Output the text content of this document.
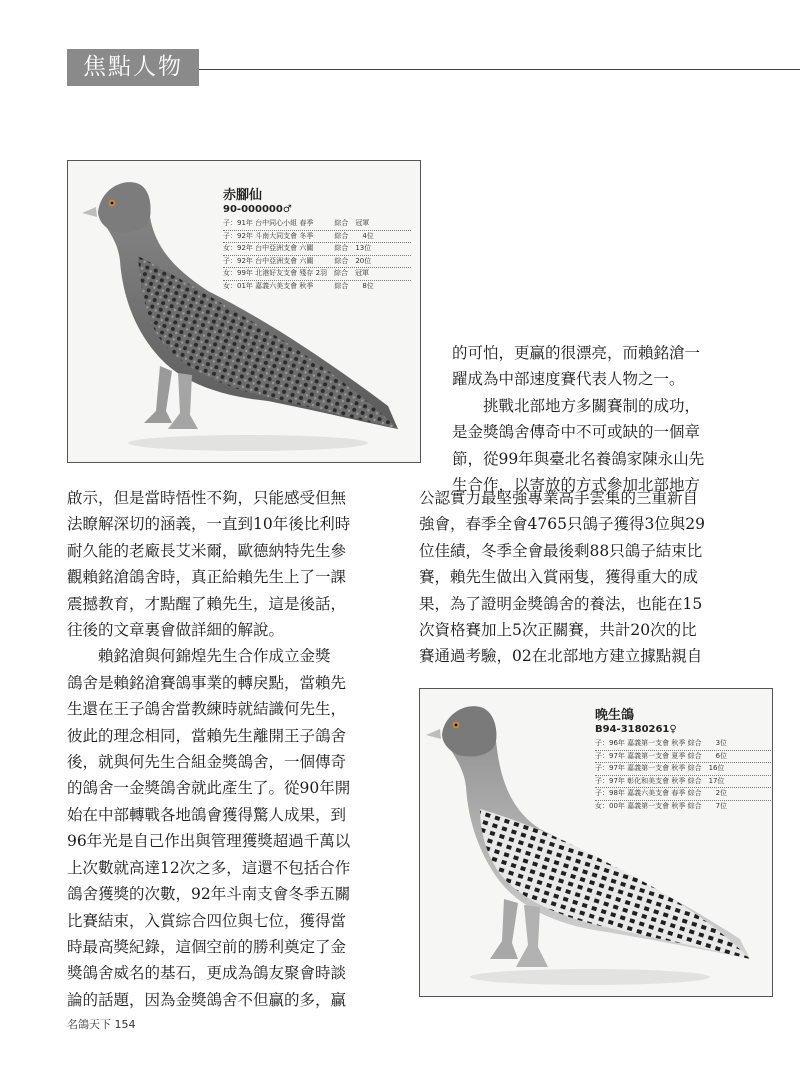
焦點人物
赤腳仙
90-000000♂
子：91年 台中同心小組 春季　　　綜合　冠軍
子：92年 斗南大同支會 冬季　　　綜合　　4位
女：92年 台中亞洲支會 六關　　　綜合　13位
子：92年 台中亞洲支會 六關　　　綜合　20位
女：99年 北港好友支會 殘存 2羽　綜合　冠軍
女：01年 嘉義六美支會 秋季　　　綜合　　8位

的可怕，更贏的很漂亮，而賴銘滄一

躍成為中部速度賽代表人物之一。

　　挑戰北部地方多關賽制的成功，

是金獎鴿舍傳奇中不可或缺的一個章

節，從99年與臺北名養鴿家陳永山先

生合作，以寄放的方式參加北部地方

啟示，但是當時悟性不夠，只能感受但無

法瞭解深切的涵義，一直到10年後比利時

耐久能的老廠長艾米爾，歐德納特先生參

觀賴銘滄鴿舍時，真正給賴先生上了一課

震撼教育，才點醒了賴先生，這是後話，

往後的文章裏會做詳細的解說。

　　賴銘滄與何錦煌先生合作成立金獎

鴿舍是賴銘滄賽鴿事業的轉戾點，當賴先

生還在王子鴿舍當教練時就結識何先生，

彼此的理念相同，當賴先生離開王子鴿舍

後，就與何先生合組金獎鴿舍，一個傳奇

的鴿舍一金獎鴿舍就此產生了。從90年開

始在中部轉戰各地鴿會獲得驚人成果，到

96年光是自己作出與管理獲獎超過千萬以

上次數就高達12次之多，這還不包括合作

鴿舍獲獎的次數，92年斗南支會冬季五關

比賽結束，入賞綜合四位與七位，獲得當

時最高獎紀錄，這個空前的勝利奠定了金

獎鴿舍威名的基石，更成為鴿友聚會時談

論的話題，因為金獎鴿舍不但贏的多，贏

公認實力最堅強專業高手雲集的三重新自

強會，春季全會4765只鴿子獲得3位與29

位佳績，冬季全會最後剩88只鴿子結束比

賽，賴先生做出入賞兩隻，獲得重大的成

果，為了證明金獎鴿舍的養法，也能在15

次資格賽加上5次正關賽，共計20次的比

賽通過考驗，02在北部地方建立據點親自

晚生鴿
B94-3180261♀
子：96年 嘉義第一支會 秋季 綜合　　3位
子：97年 嘉義第一支會 夏季 綜合　　6位
子：97年 嘉義第一支會 秋季 綜合　16位
子：97年 彰化和美支會 秋季 綜合　17位
子：98年 嘉義六美支會 春季 綜合　　2位
女：00年 嘉義第一支會 秋季 綜合　　7位
名鴿天下 154
